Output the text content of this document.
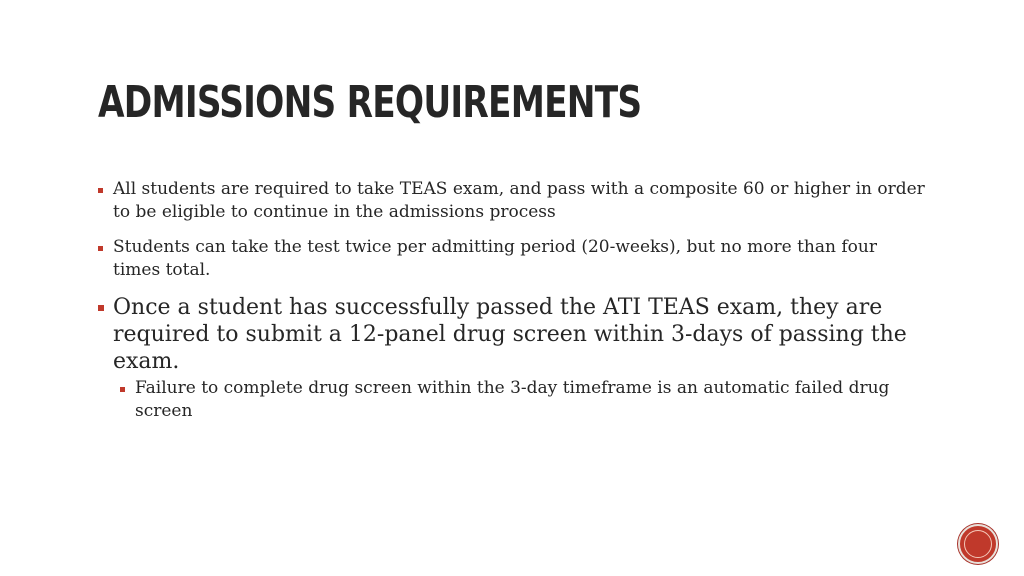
ADMISSIONS REQUIREMENTS
All students are required to take TEAS exam, and pass with a composite 60 or higher in order to be eligible to continue in the admissions process
Students can take the test twice per admitting period (20-weeks), but no more than four times total.
Once a student has successfully passed the ATI TEAS exam, they are required to submit a 12-panel drug screen within 3-days of passing the exam.
Failure to complete drug screen within the 3-day timeframe is an automatic failed drug screen
